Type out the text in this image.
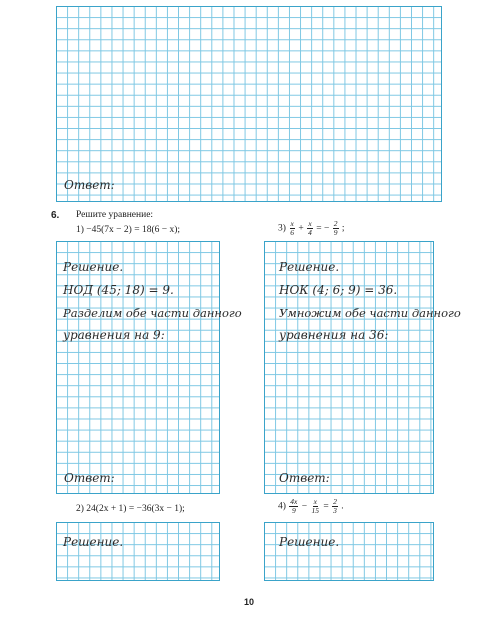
Ответ:
6. Решите уравнение:
1) −45(7x − 2) = 18(6 − x);	$3) \frac{x}{6} + \frac{x}{4}$ = − $\frac{2}{9}$ ;
Решение.
НОД (45; 18) = 9.
Разделим обе части данного
уравнения на 9:
Ответ:
Решение.
НОК (4; 6; 9) = 36.
Умножим обе части данного
уравнения на 36:
Ответ:
2) 24(2x + 1) = −36(3x − 1);	$4) \frac{4x}{9} - \frac{x}{15} = \frac{2}{3}$ .
Решение.	Решение.
10
